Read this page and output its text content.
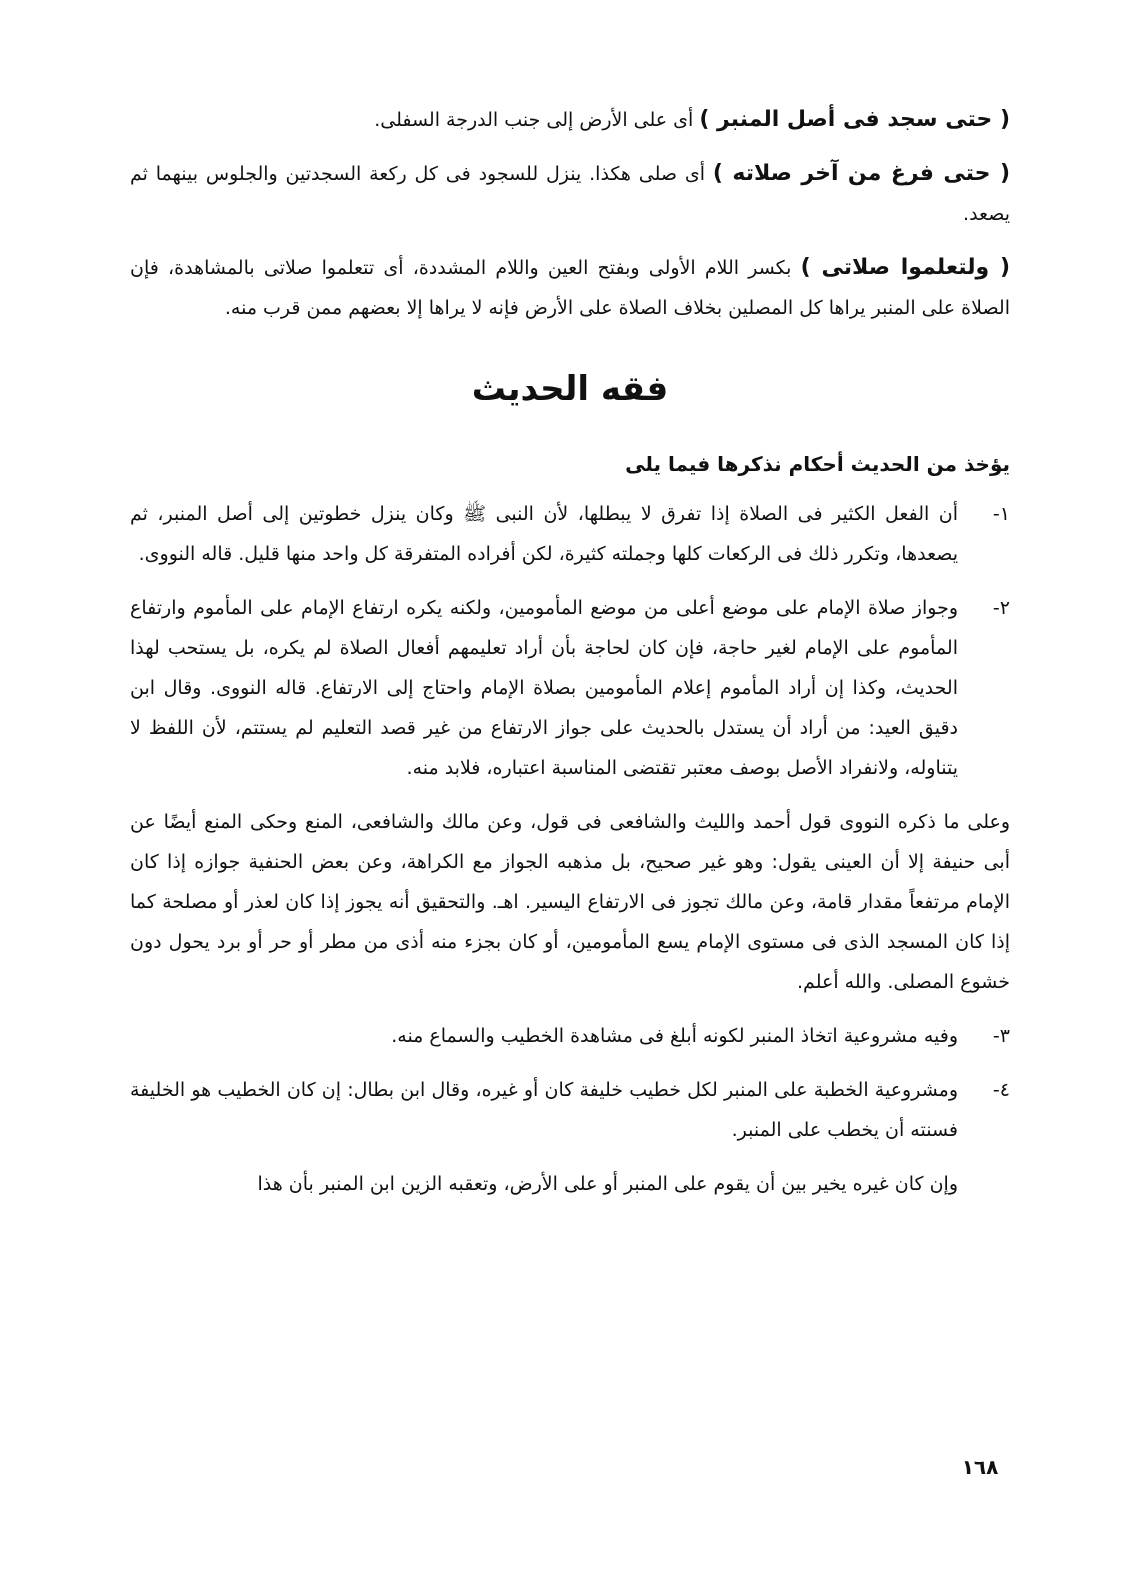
( حتى سجد فى أصل المنبر ) أى على الأرض إلى جنب الدرجة السفلى.

( حتى فرغ من آخر صلاته ) أى صلى هكذا. ينزل للسجود فى كل ركعة السجدتين والجلوس بينهما ثم يصعد.

( ولتعلموا صلاتى ) بكسر اللام الأولى وبفتح العين واللام المشددة، أى تتعلموا صلاتى بالمشاهدة، فإن الصلاة على المنبر يراها كل المصلين بخلاف الصلاة على الأرض فإنه لا يراها إلا بعضهم ممن قرب منه.

فقه الحديث

يؤخذ من الحديث أحكام نذكرها فيما يلى

١-
أن الفعل الكثير فى الصلاة إذا تفرق لا يبطلها، لأن النبى ﷺ وكان ينزل خطوتين إلى أصل المنبر، ثم يصعدها، وتكرر ذلك فى الركعات كلها وجملته كثيرة، لكن أفراده المتفرقة كل واحد منها قليل. قاله النووى.
٢-
وجواز صلاة الإمام على موضع أعلى من موضع المأمومين، ولكنه يكره ارتفاع الإمام على المأموم وارتفاع المأموم على الإمام لغير حاجة، فإن كان لحاجة بأن أراد تعليمهم أفعال الصلاة لم يكره، بل يستحب لهذا الحديث، وكذا إن أراد المأموم إعلام المأمومين بصلاة الإمام واحتاج إلى الارتفاع. قاله النووى. وقال ابن دقيق العيد: من أراد أن يستدل بالحديث على جواز الارتفاع من غير قصد التعليم لم يستتم، لأن اللفظ لا يتناوله، ولانفراد الأصل بوصف معتبر تقتضى المناسبة اعتباره، فلابد منه.

وعلى ما ذكره النووى قول أحمد والليث والشافعى فى قول، وعن مالك والشافعى، المنع وحكى المنع أيضًا عن أبى حنيفة إلا أن العينى يقول: وهو غير صحيح، بل مذهبه الجواز مع الكراهة، وعن بعض الحنفية جوازه إذا كان الإمام مرتفعاً مقدار قامة، وعن مالك تجوز فى الارتفاع اليسير. اهـ. والتحقيق أنه يجوز إذا كان لعذر أو مصلحة كما إذا كان المسجد الذى فى مستوى الإمام يسع المأمومين، أو كان بجزء منه أذى من مطر أو حر أو برد يحول دون خشوع المصلى. والله أعلم.

٣-
وفيه مشروعية اتخاذ المنبر لكونه أبلغ فى مشاهدة الخطيب والسماع منه.
٤-
ومشروعية الخطبة على المنبر لكل خطيب خليفة كان أو غيره، وقال ابن بطال: إن كان الخطيب هو الخليفة فسنته أن يخطب على المنبر.

وإن كان غيره يخير بين أن يقوم على المنبر أو على الأرض، وتعقبه الزين ابن المنبر بأن هذا

١٦٨
